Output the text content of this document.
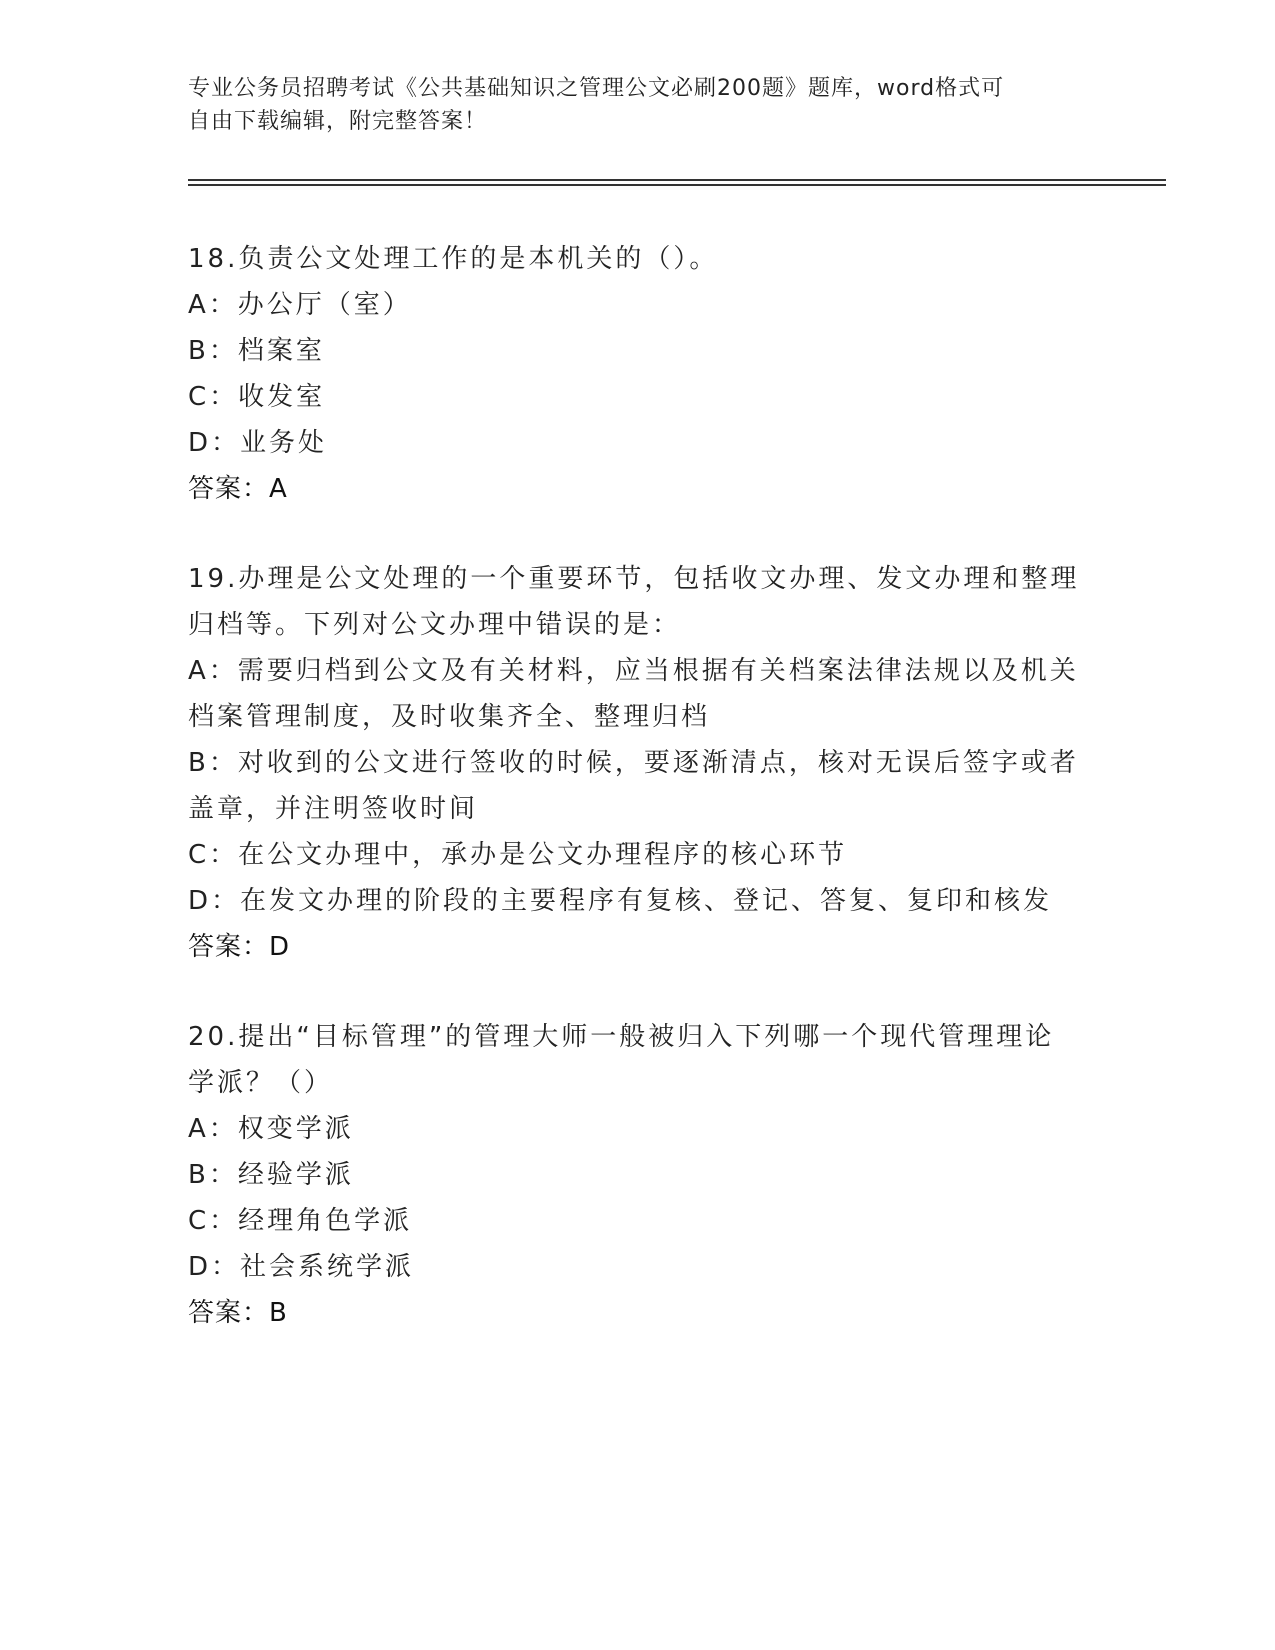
专业公务员招聘考试《公共基础知识之管理公文必刷200题》题库，word格式可
自由下载编辑，附完整答案！
18.负责公文处理工作的是本机关的（）。
A：办公厅（室）
B：档案室
C：收发室
D：业务处
答案：A
19.办理是公文处理的一个重要环节，包括收文办理、发文办理和整理
归档等。下列对公文办理中错误的是：
A：需要归档到公文及有关材料，应当根据有关档案法律法规以及机关
档案管理制度，及时收集齐全、整理归档
B：对收到的公文进行签收的时候，要逐渐清点，核对无误后签字或者
盖章，并注明签收时间
C：在公文办理中，承办是公文办理程序的核心环节
D：在发文办理的阶段的主要程序有复核、登记、答复、复印和核发
答案：D
20.提出“目标管理”的管理大师一般被归入下列哪一个现代管理理论
学派？（）
A：权变学派
B：经验学派
C：经理角色学派
D：社会系统学派
答案：B
